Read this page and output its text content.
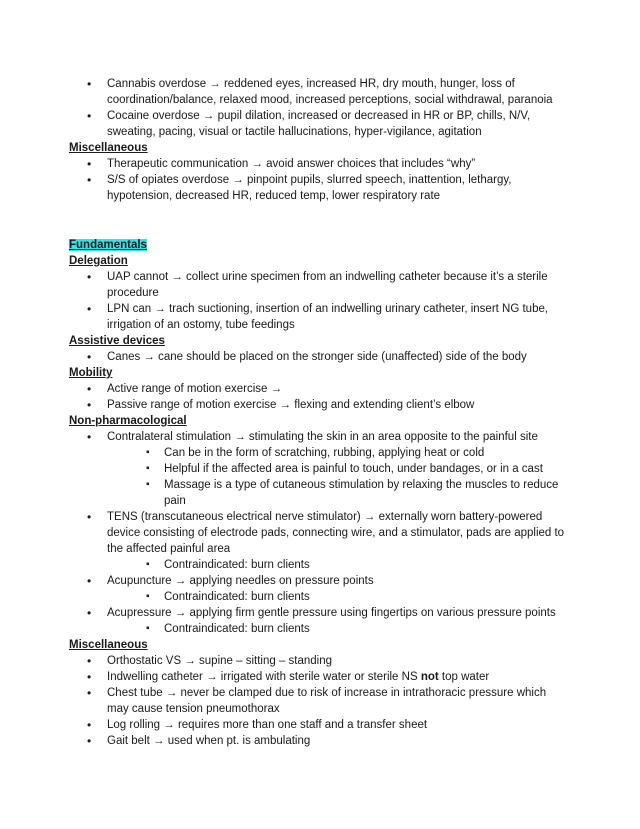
• Cannabis overdose → reddened eyes, increased HR, dry mouth, hunger, loss of coordination/balance, relaxed mood, increased perceptions, social withdrawal, paranoia
• Cocaine overdose → pupil dilation, increased or decreased in HR or BP, chills, N/V, sweating, pacing, visual or tactile hallucinations, hyper-vigilance, agitation
Miscellaneous
• Therapeutic communication → avoid answer choices that includes “why”
• S/S of opiates overdose → pinpoint pupils, slurred speech, inattention, lethargy, hypotension, decreased HR, reduced temp, lower respiratory rate
Fundamentals
Delegation
• UAP cannot → collect urine specimen from an indwelling catheter because it’s a sterile procedure
• LPN can → trach suctioning, insertion of an indwelling urinary catheter, insert NG tube, irrigation of an ostomy, tube feedings
Assistive devices
• Canes → cane should be placed on the stronger side (unaffected) side of the body
Mobility
• Active range of motion exercise →
• Passive range of motion exercise → flexing and extending client’s elbow
Non-pharmacological
• Contralateral stimulation → stimulating the skin in an area opposite to the painful site
▪ Can be in the form of scratching, rubbing, applying heat or cold
▪ Helpful if the affected area is painful to touch, under bandages, or in a cast
▪ Massage is a type of cutaneous stimulation by relaxing the muscles to reduce pain
• TENS (transcutaneous electrical nerve stimulator) → externally worn battery-powered device consisting of electrode pads, connecting wire, and a stimulator, pads are applied to the affected painful area
▪ Contraindicated: burn clients
• Acupuncture → applying needles on pressure points
▪ Contraindicated: burn clients
• Acupressure → applying firm gentle pressure using fingertips on various pressure points
▪ Contraindicated: burn clients
Miscellaneous
• Orthostatic VS → supine – sitting – standing
• Indwelling catheter → irrigated with sterile water or sterile NS not top water
• Chest tube → never be clamped due to risk of increase in intrathoracic pressure which may cause tension pneumothorax
• Log rolling → requires more than one staff and a transfer sheet
• Gait belt → used when pt. is ambulating
